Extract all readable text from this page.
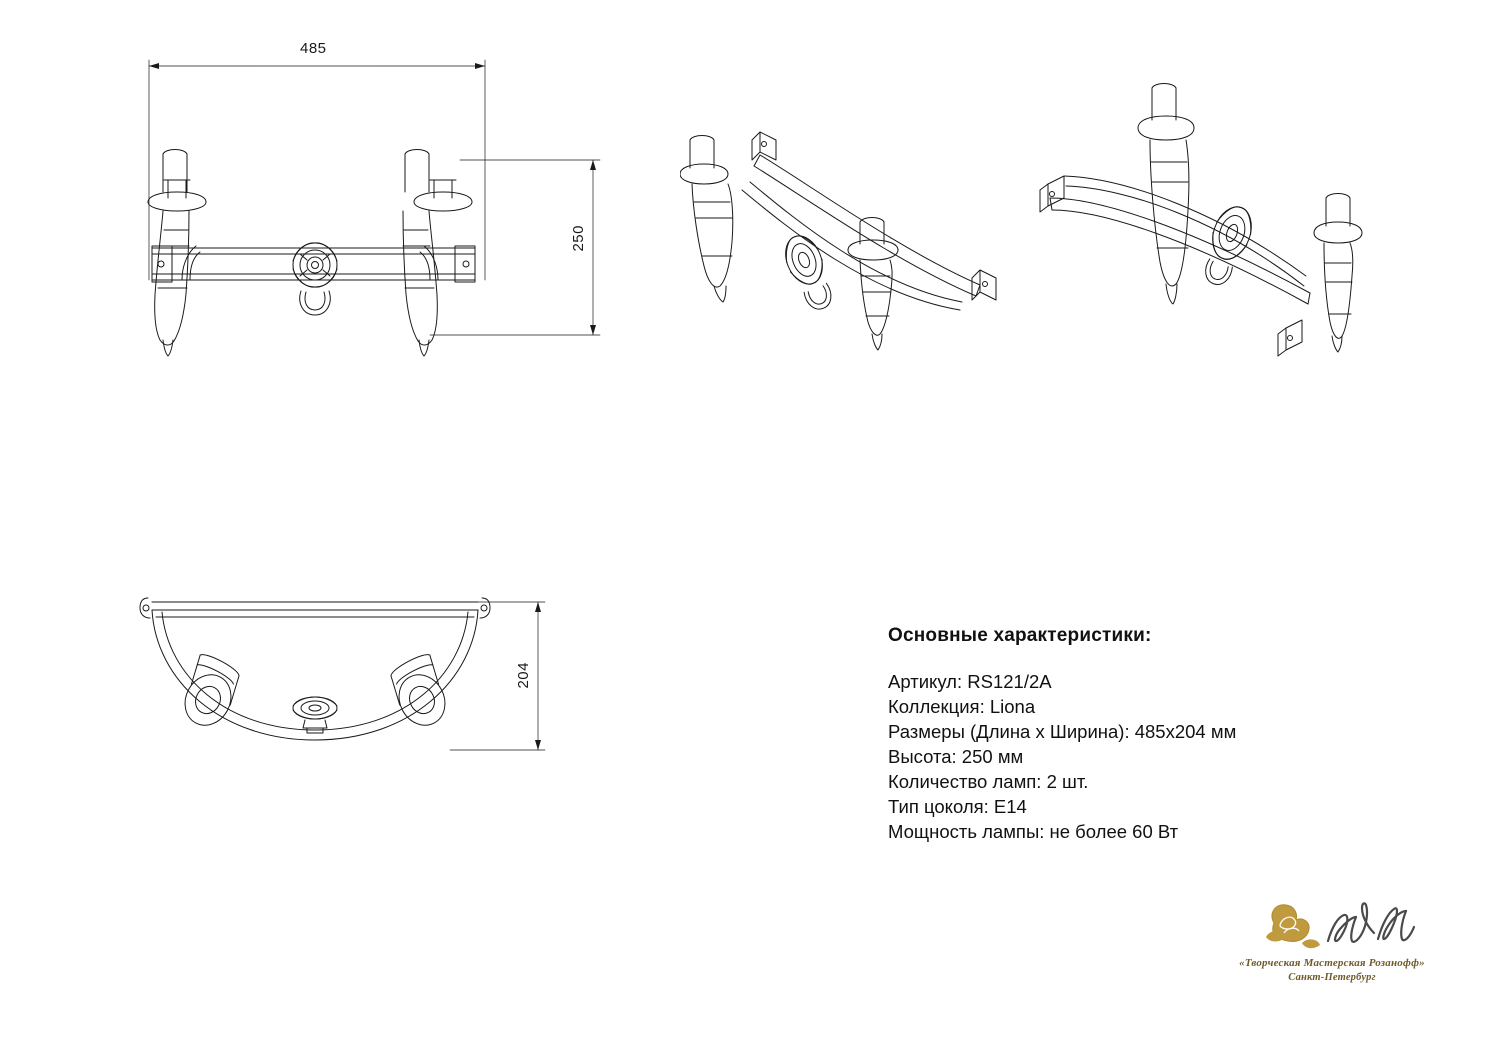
485
250
204
Основные характеристики:
Артикул: RS121/2A
Коллекция: Liona
Размеры (Длина х Ширина): 485x204 мм
Высота: 250 мм
Количество ламп: 2 шт.
Тип цоколя: E14
Мощность лампы: не более 60 Вт
«Творческая Мастерская Розанофф»
Санкт-Петербург
